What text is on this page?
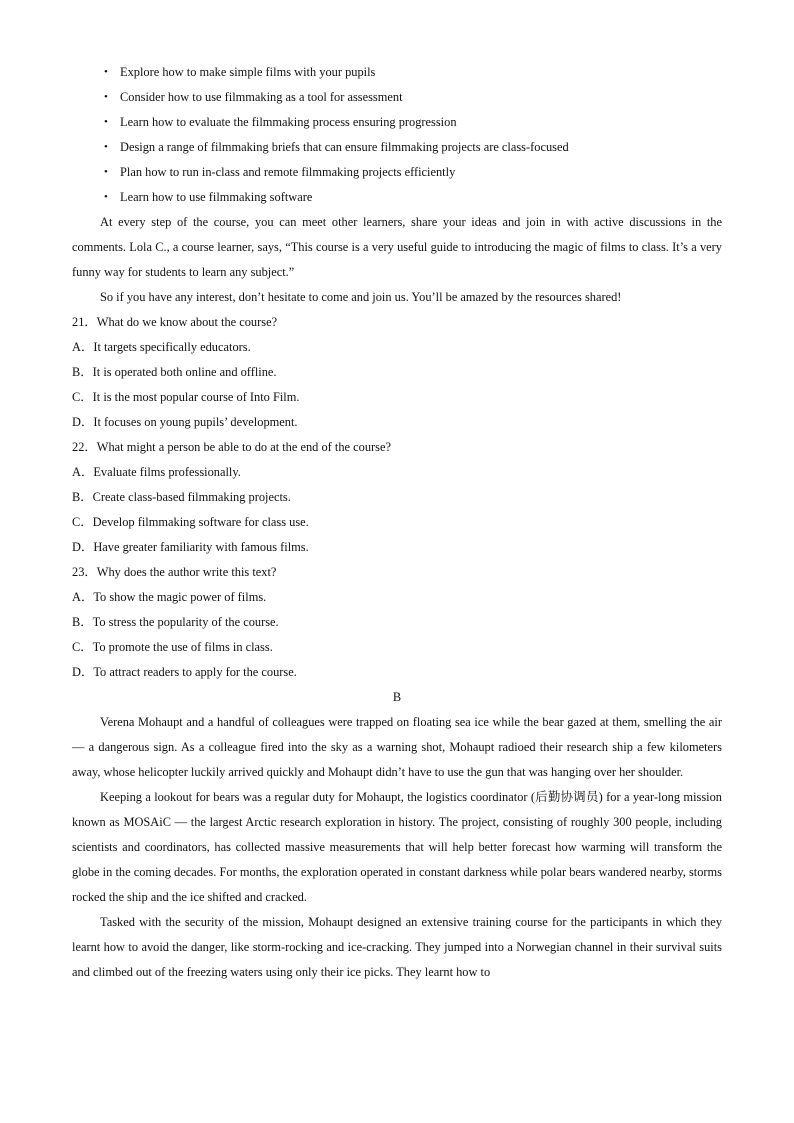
• Explore how to make simple films with your pupils
• Consider how to use filmmaking as a tool for assessment
• Learn how to evaluate the filmmaking process ensuring progression
• Design a range of filmmaking briefs that can ensure filmmaking projects are class-focused
• Plan how to run in-class and remote filmmaking projects efficiently
• Learn how to use filmmaking software

At every step of the course, you can meet other learners, share your ideas and join in with active discussions in the comments. Lola C., a course learner, says, “This course is a very useful guide to introducing the magic of films to class. It’s a very funny way for students to learn any subject.”

So if you have any interest, don’t hesitate to come and join us. You’ll be amazed by the resources shared!

21．What do we know about the course?
A．It targets specifically educators.
B．It is operated both online and offline.
C．It is the most popular course of Into Film.
D．It focuses on young pupils’ development.
22．What might a person be able to do at the end of the course?
A．Evaluate films professionally.
B．Create class-based filmmaking projects.
C．Develop filmmaking software for class use.
D．Have greater familiarity with famous films.
23．Why does the author write this text?
A．To show the magic power of films.
B．To stress the popularity of the course.
C．To promote the use of films in class.
D．To attract readers to apply for the course.
B

Verena Mohaupt and a handful of colleagues were trapped on floating sea ice while the bear gazed at them, smelling the air — a dangerous sign. As a colleague fired into the sky as a warning shot, Mohaupt radioed their research ship a few kilometers away, whose helicopter luckily arrived quickly and Mohaupt didn’t have to use the gun that was hanging over her shoulder.

Keeping a lookout for bears was a regular duty for Mohaupt, the logistics coordinator (后勤协调员) for a year-long mission known as MOSAiC — the largest Arctic research exploration in history. The project, consisting of roughly 300 people, including scientists and coordinators, has collected massive measurements that will help better forecast how warming will transform the globe in the coming decades. For months, the exploration operated in constant darkness while polar bears wandered nearby, storms rocked the ship and the ice shifted and cracked.

Tasked with the security of the mission, Mohaupt designed an extensive training course for the participants in which they learnt how to avoid the danger, like storm-rocking and ice-cracking. They jumped into a Norwegian channel in their survival suits and climbed out of the freezing waters using only their ice picks. They learnt how to
